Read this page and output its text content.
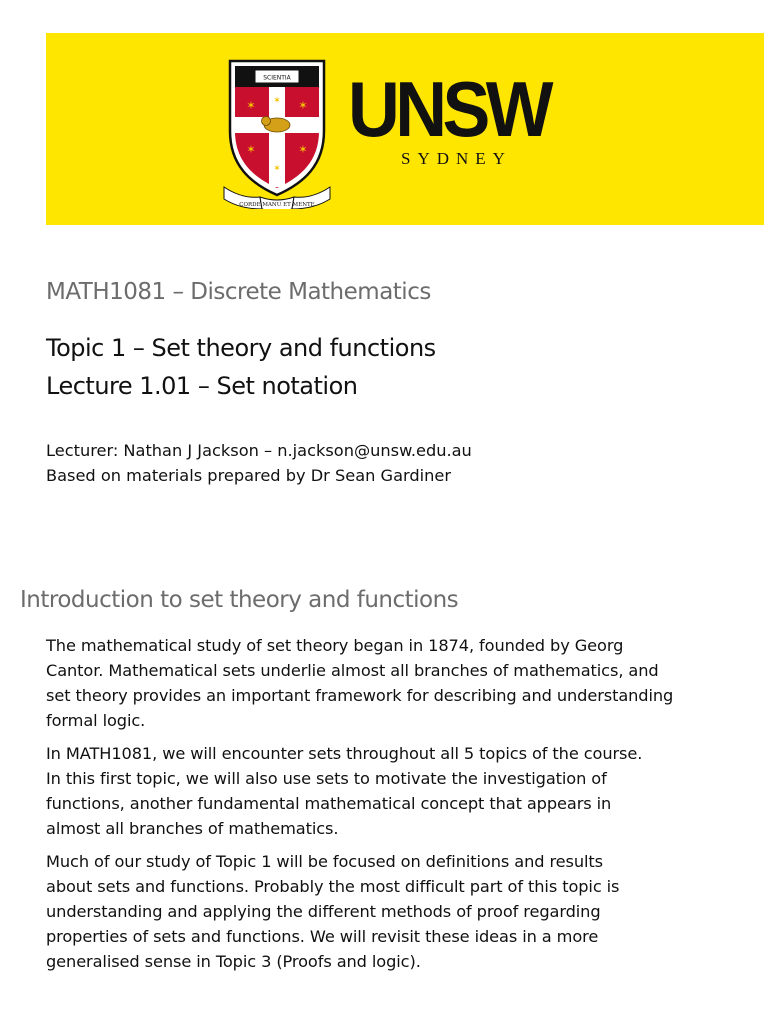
SCIENTIA
✶	✶
✶	✶
✶
✶
CORDE MANU ET MENTE
UNSW
SYDNEY
MATH1081 – Discrete Mathematics
Topic 1 – Set theory and functions
Lecture 1.01 – Set notation
Lecturer: Nathan J Jackson – n.jackson@unsw.edu.au
Based on materials prepared by Dr Sean Gardiner
Introduction to set theory and functions

The mathematical study of set theory began in 1874, founded by Georg
Cantor. Mathematical sets underlie almost all branches of mathematics, and
set theory provides an important framework for describing and understanding
formal logic.

In MATH1081, we will encounter sets throughout all 5 topics of the course.
In this first topic, we will also use sets to motivate the investigation of
functions, another fundamental mathematical concept that appears in
almost all branches of mathematics.

Much of our study of Topic 1 will be focused on definitions and results
about sets and functions. Probably the most difficult part of this topic is
understanding and applying the different methods of proof regarding
properties of sets and functions. We will revisit these ideas in a more
generalised sense in Topic 3 (Proofs and logic).
